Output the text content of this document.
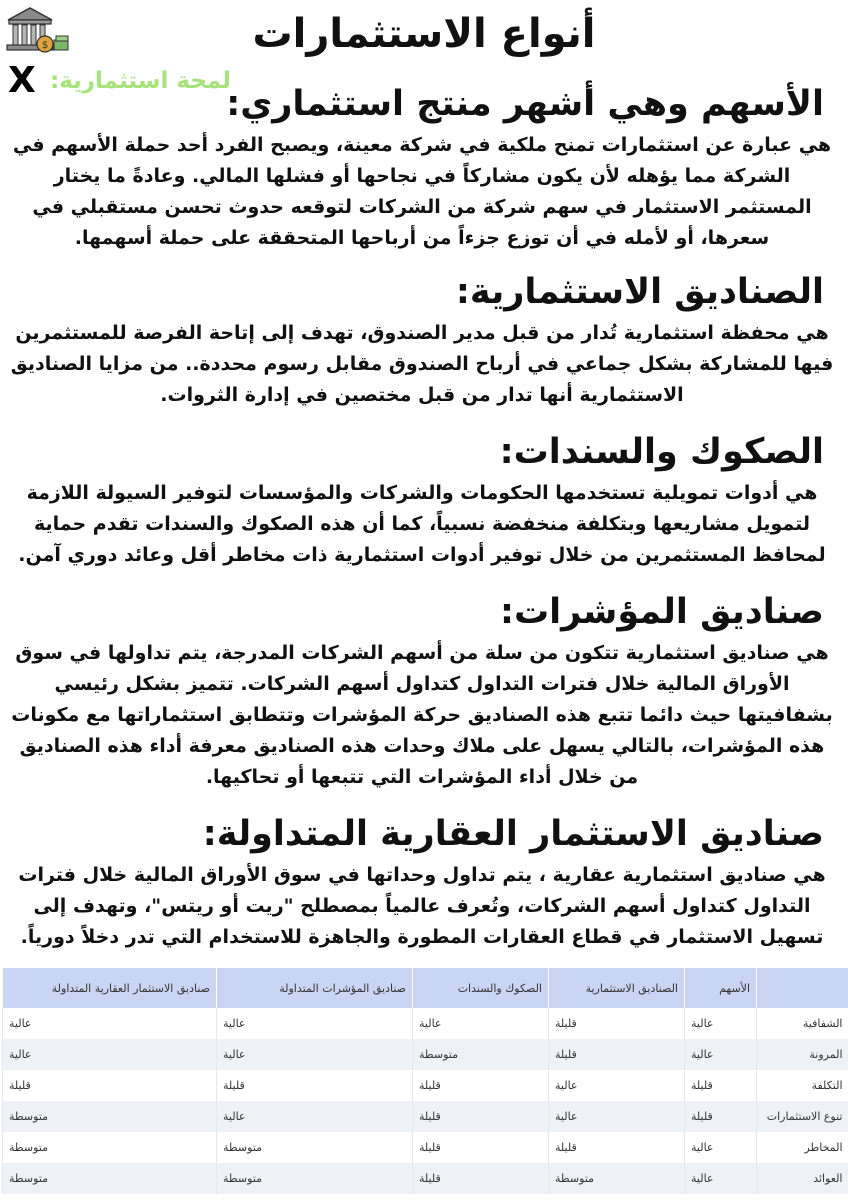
$	أنواع الاستثمارات
لمحة استثمارية:
X
الأسهم وهي أشهر منتج استثماري:

هي عبارة عن استثمارات تمنح ملكية في شركة معينة، ويصبح الفرد أحد حملة الأسهم في الشركة مما يؤهله لأن يكون مشاركاً في نجاحها أو فشلها المالي. وعادةً ما يختار المستثمر الاستثمار في سهم شركة من الشركات لتوقعه حدوث تحسن مستقبلي في سعرها، أو لأمله في أن توزع جزءاً من أرباحها المتحققة على حملة أسهمها.

الصناديق الاستثمارية:

هي محفظة استثمارية تُدار من قبل مدير الصندوق، تهدف إلى إتاحة الفرصة للمستثمرين فيها للمشاركة بشكل جماعي في أرباح الصندوق مقابل رسوم محددة.. من مزايا الصناديق الاستثمارية أنها تدار من قبل مختصين في إدارة الثروات.

الصكوك والسندات:

هي أدوات تمويلية تستخدمها الحكومات والشركات والمؤسسات لتوفير السيولة اللازمة لتمويل مشاريعها وبتكلفة منخفضة نسبياً، كما أن هذه الصكوك والسندات تقدم حماية لمحافظ المستثمرين من خلال توفير أدوات استثمارية ذات مخاطر أقل وعائد دوري آمن.

صناديق المؤشرات:

هي صناديق استثمارية تتكون من سلة من أسهم الشركات المدرجة، يتم تداولها في سوق الأوراق المالية خلال فترات التداول كتداول أسهم الشركات. تتميز بشكل رئيسي بشفافيتها حيث دائما تتبع هذه الصناديق حركة المؤشرات وتتطابق استثماراتها مع مكونات هذه المؤشرات، بالتالي يسهل على ملاك وحدات هذه الصناديق معرفة أداء هذه الصناديق من خلال أداء المؤشرات التي تتبعها أو تحاكيها.

صناديق الاستثمار العقارية المتداولة:

هي صناديق استثمارية عقارية ، يتم تداول وحداتها في سوق الأوراق المالية خلال فترات التداول كتداول أسهم الشركات، وتُعرف عالمياً بمصطلح "ريت أو ريتس"، وتهدف إلى تسهيل الاستثمار في قطاع العقارات المطورة والجاهزة للاستخدام التي تدر دخلاً دورياً.

	الأسهم	الصناديق الاستثمارية	الصكوك والسندات	صناديق المؤشرات المتداولة	صناديق الاستثمار العقارية المتداولة
الشفافية	عالية	قليلة	عالية	عالية	عالية
المرونة	عالية	قليلة	متوسطة	عالية	عالية
التكلفة	قليلة	عالية	قليلة	قليلة	قليلة
تنوع الاستثمارات	قليلة	عالية	قليلة	عالية	متوسطة
المخاطر	عالية	قليلة	قليلة	متوسطة	متوسطة
العوائد	عالية	متوسطة	قليلة	متوسطة	متوسطة
